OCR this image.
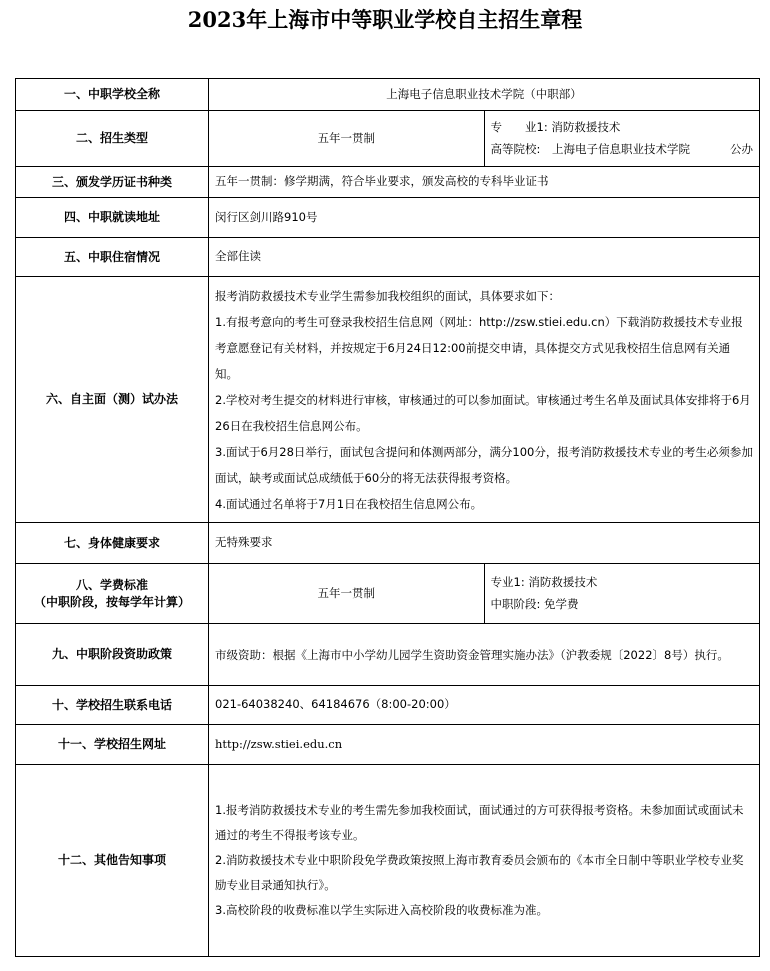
2023年上海市中等职业学校自主招生章程
一、中职学校全称	上海电子信息职业技术学院（中职部）	
二、招生类型	五年一贯制	专　　业1: 消防救援技术
高等院校: 上海电子信息职业技术学院 公办

三、颁发学历证书种类	五年一贯制：修学期满，符合毕业要求，颁发高校的专科毕业证书	
四、中职就读地址	闵行区剑川路910号	
五、中职住宿情况	全部住读	
六、自主面（测）试办法	报考消防救援技术专业学生需参加我校组织的面试，具体要求如下：
1.有报考意向的考生可登录我校招生信息网（网址：http://zsw.stiei.edu.cn）下载消防救援技术专业报考意愿登记有关材料，并按规定于6月24日12:00前提交申请，具体提交方式见我校招生信息网有关通知。
2.学校对考生提交的材料进行审核，审核通过的可以参加面试。审核通过考生名单及面试具体安排将于6月26日在我校招生信息网公布。
3.面试于6月28日举行，面试包含提问和体测两部分，满分100分，报考消防救援技术专业的考生必须参加面试，缺考或面试总成绩低于60分的将无法获得报考资格。
4.面试通过名单将于7月1日在我校招生信息网公布。	

七、身体健康要求	无特殊要求	

八、学费标准
（中职阶段，按每学年计算）	五年一贯制	专业1: 消防救援技术
中职阶段: 免学费

九、中职阶段资助政策	市级资助：根据《上海市中小学幼儿园学生资助资金管理实施办法》（沪教委规〔2022〕8号）执行。	
十、学校招生联系电话	021-64038240、64184676（8:00-20:00）	
十一、学校招生网址	http://zsw.stiei.edu.cn	
十二、其他告知事项	1.报考消防救援技术专业的考生需先参加我校面试，面试通过的方可获得报考资格。未参加面试或面试未通过的考生不得报考该专业。
2.消防救援技术专业中职阶段免学费政策按照上海市教育委员会颁布的《本市全日制中等职业学校专业奖励专业目录通知执行》。
3.高校阶段的收费标准以学生实际进入高校阶段的收费标准为准。	
